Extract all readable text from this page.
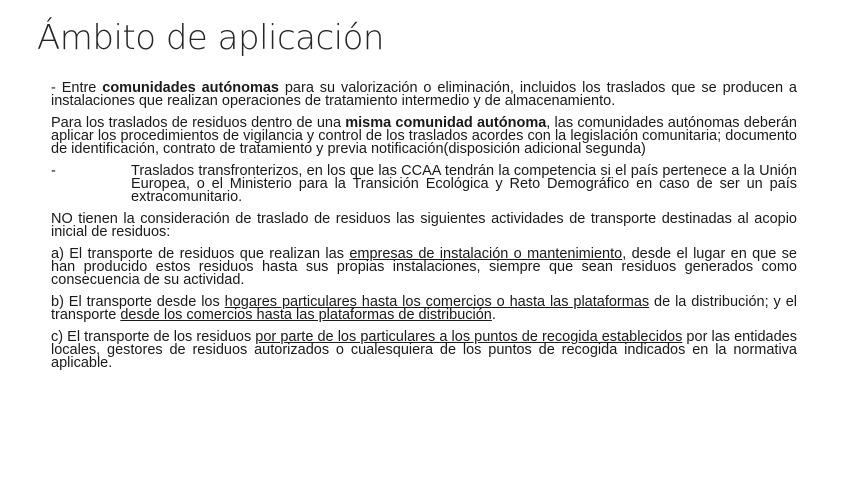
Ámbito de aplicación

- Entre comunidades autónomas para su valorización o eliminación, incluidos los traslados que se producen a instalaciones que realizan operaciones de tratamiento intermedio y de almacenamiento.

Para los traslados de residuos dentro de una misma comunidad autónoma, las comunidades autónomas deberán aplicar los procedimientos de vigilancia y control de los traslados acordes con la legislación comunitaria; documento de identificación, contrato de tratamiento y previa notificación(disposición adicional segunda)

-	Traslados transfronterizos, en los que las CCAA tendrán la competencia si el país pertenece a la Unión Europea, o el Ministerio para la Transición Ecológica y Reto Demográfico en caso de ser un país extracomunitario.

NO tienen la consideración de traslado de residuos las siguientes actividades de transporte destinadas al acopio inicial de residuos:

a) El transporte de residuos que realizan las empresas de instalación o mantenimiento, desde el lugar en que se han producido estos residuos hasta sus propias instalaciones, siempre que sean residuos generados como consecuencia de su actividad.

b) El transporte desde los hogares particulares hasta los comercios o hasta las plataformas de la distribución; y el transporte desde los comercios hasta las plataformas de distribución.

c) El transporte de los residuos por parte de los particulares a los puntos de recogida establecidos por las entidades locales, gestores de residuos autorizados o cualesquiera de los puntos de recogida indicados en la normativa aplicable.
